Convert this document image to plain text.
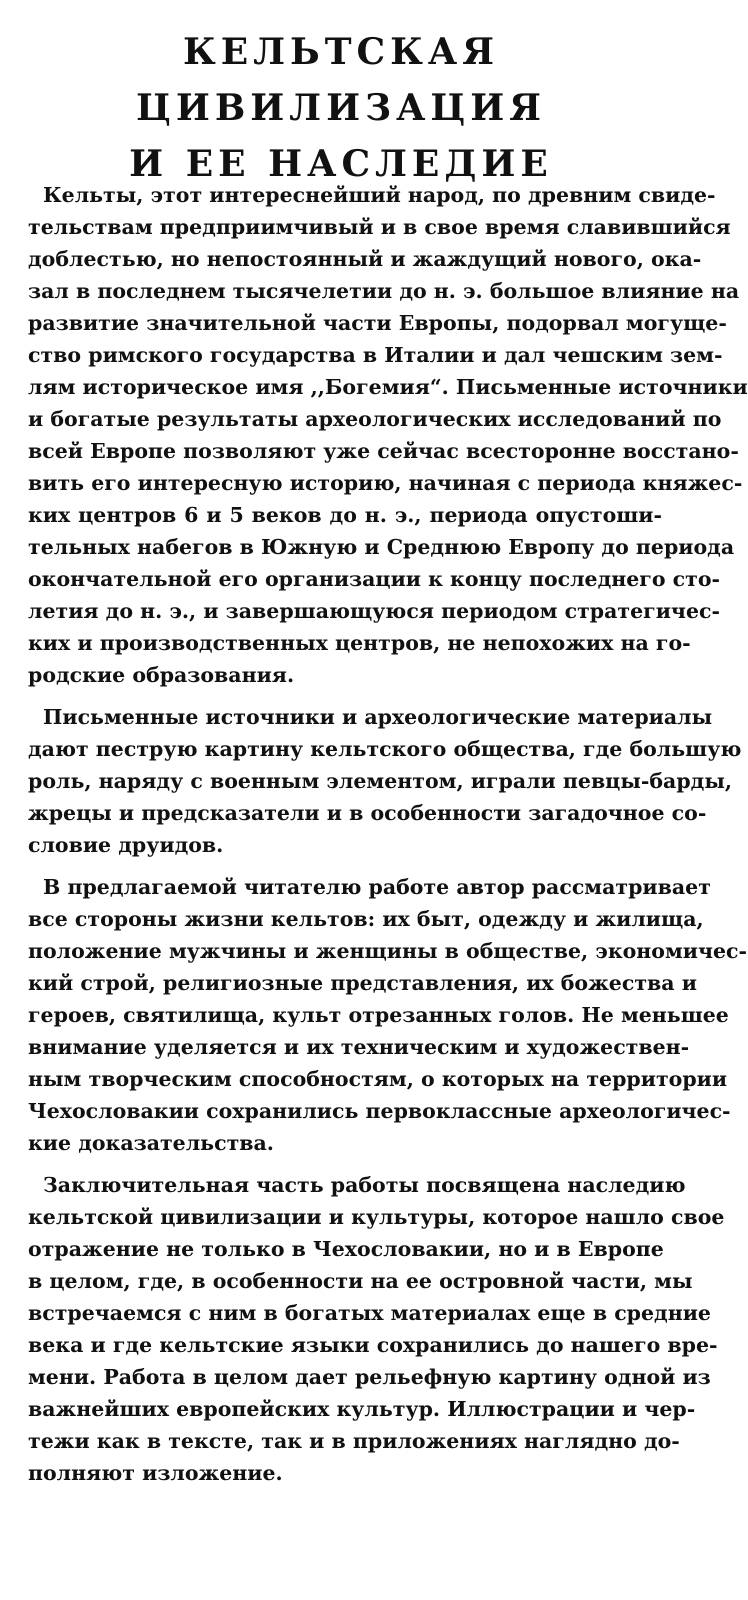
КЕЛЬТСКАЯ ЦИВИЛИЗАЦИЯ
И ЕЕ НАСЛЕДИЕ
Кельты, этот интереснейший народ, по древним свиде-
тельствам предприимчивый и в свое время славившийся
доблестью, но непостоянный и жаждущий нового, ока-
зал в последнем тысячелетии до н. э. большое влияние на
развитие значительной части Европы, подорвал могуще-
ство римского государства в Италии и дал чешским зем-
лям историческое имя ,,Богемия“. Письменные источники
и богатые результаты археологических исследований по
всей Европе позволяют уже сейчас всесторонне восстано-
вить его интересную историю, начиная с периода княжес-
ких центров 6 и 5 веков до н. э., периода опустоши-
тельных набегов в Южную и Среднюю Европу до периода
окончательной его организации к концу последнего сто-
летия до н. э., и завершающуюся периодом стратегичес-
ких и производственных центров, не непохожих на го-
родские образования.
Письменные источники и археологические материалы
дают пеструю картину кельтского общества, где большую
роль, наряду с военным элементом, играли певцы-барды,
жрецы и предсказатели и в особенности загадочное со-
словие друидов.
В предлагаемой читателю работе автор рассматривает
все стороны жизни кельтов: их быт, одежду и жилища,
положение мужчины и женщины в обществе, экономичес-
кий строй, религиозные представления, их божества и
героев, святилища, культ отрезанных голов. Не меньшее
внимание уделяется и их техническим и художествен-
ным творческим способностям, о которых на территории
Чехословакии сохранились первоклассные археологичес-
кие доказательства.
Заключительная часть работы посвящена наследию
кельтской цивилизации и культуры, которое нашло свое
отражение не только в Чехословакии, но и в Европе
в целом, где, в особенности на ее островной части, мы
встречаемся с ним в богатых материалах еще в средние
века и где кельтские языки сохранились до нашего вре-
мени. Работа в целом дает рельефную картину одной из
важнейших европейских культур. Иллюстрации и чер-
тежи как в тексте, так и в приложениях наглядно до-
полняют изложение.
